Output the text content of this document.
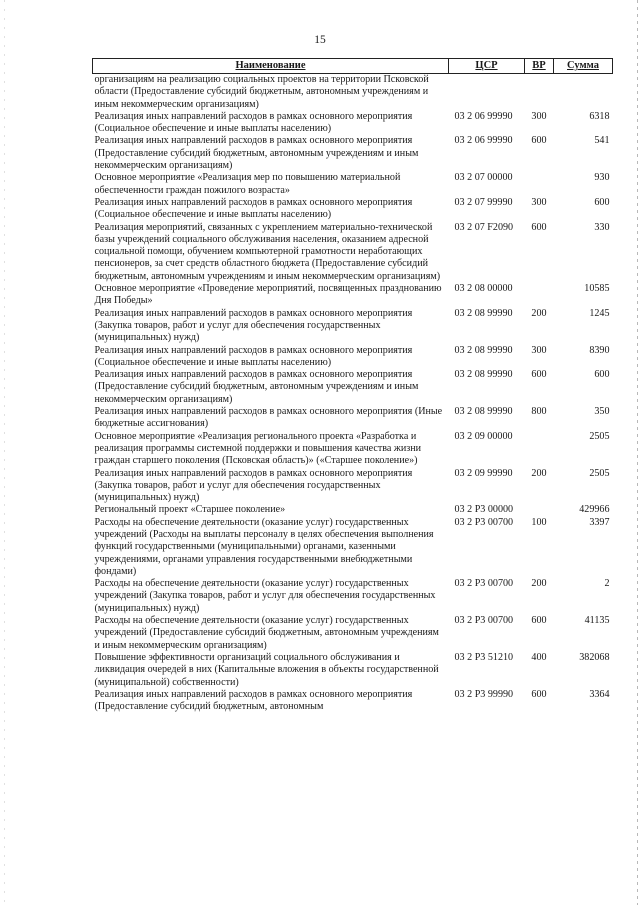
15
Наименование	ЦСР	ВР	Сумма
организациям на реализацию социальных проектов на территории Псковской области (Предоставление субсидий бюджетным, автономным учреждениям и иным некоммерческим организациям)			
Реализация иных направлений расходов в рамках основного мероприятия (Социальное обеспечение и иные выплаты населению)	03 2 06 99990	300	6318
Реализация иных направлений расходов в рамках основного мероприятия (Предоставление субсидий бюджетным, автономным учреждениям и иным некоммерческим организациям)	03 2 06 99990	600	541
Основное мероприятие «Реализация мер по повышению материальной обеспеченности граждан пожилого возраста»	03 2 07 00000		930
Реализация иных направлений расходов в рамках основного мероприятия (Социальное обеспечение и иные выплаты населению)	03 2 07 99990	300	600
Реализация мероприятий, связанных с укреплением материально-технической базы учреждений социального обслуживания населения, оказанием адресной социальной помощи, обучением компьютерной грамотности неработающих пенсионеров, за счет средств областного бюджета (Предоставление субсидий бюджетным, автономным учреждениям и иным некоммерческим организациям)	03 2 07 F2090	600	330
Основное мероприятие «Проведение мероприятий, посвященных празднованию Дня Победы»	03 2 08 00000		10585
Реализация иных направлений расходов в рамках основного мероприятия (Закупка товаров, работ и услуг для обеспечения государственных (муниципальных) нужд)	03 2 08 99990	200	1245
Реализация иных направлений расходов в рамках основного мероприятия (Социальное обеспечение и иные выплаты населению)	03 2 08 99990	300	8390
Реализация иных направлений расходов в рамках основного мероприятия (Предоставление субсидий бюджетным, автономным учреждениям и иным некоммерческим организациям)	03 2 08 99990	600	600
Реализация иных направлений расходов в рамках основного мероприятия (Иные бюджетные ассигнования)	03 2 08 99990	800	350
Основное мероприятие «Реализация регионального проекта «Разработка и реализация программы системной поддержки и повышения качества жизни граждан старшего поколения (Псковская область)» («Старшее поколение»)	03 2 09 00000		2505
Реализация иных направлений расходов в рамках основного мероприятия (Закупка товаров, работ и услуг для обеспечения государственных (муниципальных) нужд)	03 2 09 99990	200	2505
Региональный проект «Старшее поколение»	03 2 P3 00000		429966
Расходы на обеспечение деятельности (оказание услуг) государственных учреждений (Расходы на выплаты персоналу в целях обеспечения выполнения функций государственными (муниципальными) органами, казенными учреждениями, органами управления государственными внебюджетными фондами)	03 2 P3 00700	100	3397
Расходы на обеспечение деятельности (оказание услуг) государственных учреждений (Закупка товаров, работ и услуг для обеспечения государственных (муниципальных) нужд)	03 2 P3 00700	200	2
Расходы на обеспечение деятельности (оказание услуг) государственных учреждений (Предоставление субсидий бюджетным, автономным учреждениям и иным некоммерческим организациям)	03 2 P3 00700	600	41135
Повышение эффективности организаций социального обслуживания и ликвидация очередей в них (Капитальные вложения в объекты государственной (муниципальной) собственности)	03 2 P3 51210	400	382068
Реализация иных направлений расходов в рамках основного мероприятия (Предоставление субсидий бюджетным, автономным	03 2 P3 99990	600	3364
